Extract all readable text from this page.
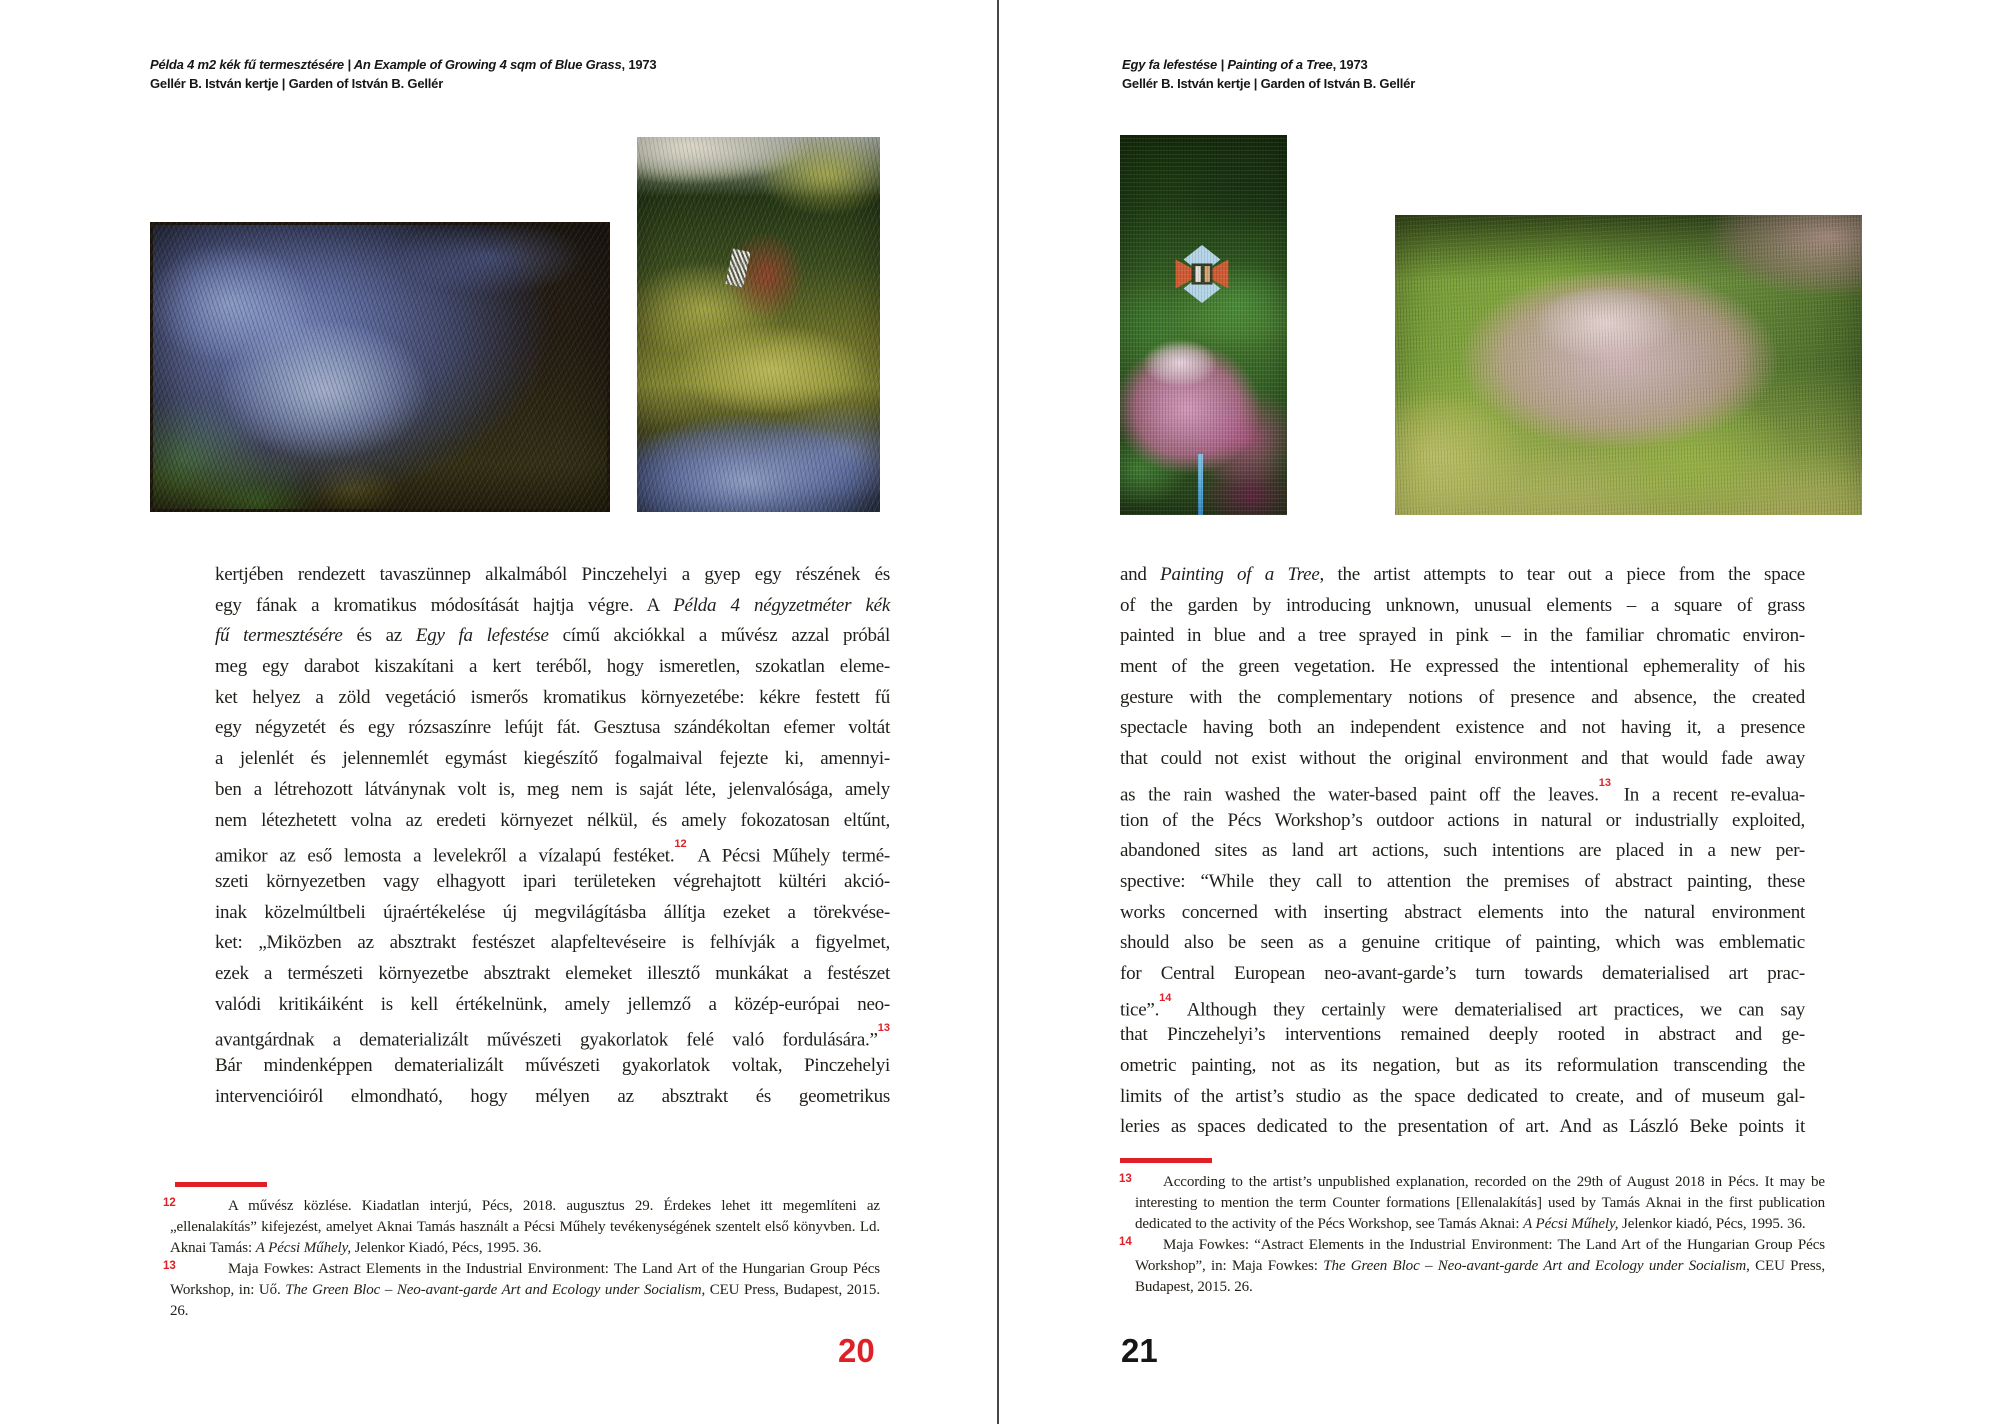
Példa 4 m2 kék fű termesztésére | An Example of Growing 4 sqm of Blue Grass, 1973
Gellér B. István kertje | Garden of István B. Gellér
kertjében rendezett tavaszünnep alkalmából Pinczehelyi a gyep egy részének és
egy fának a kromatikus módosítását hajtja végre. A Példa 4 négyzetméter kék
fű termesztésére és az Egy fa lefestése című akciókkal a művész azzal próbál
meg egy darabot kiszakítani a kert teréből, hogy ismeretlen, szokatlan eleme-
ket helyez a zöld vegetáció ismerős kromatikus környezetébe: kékre festett fű
egy négyzetét és egy rózsaszínre lefújt fát. Gesztusa szándékoltan efemer voltát
a jelenlét és jelennemlét egymást kiegészítő fogalmaival fejezte ki, amennyi-
ben a létrehozott látványnak volt is, meg nem is saját léte, jelenvalósága, amely
nem létezhetett volna az eredeti környezet nélkül, és amely fokozatosan eltűnt,
amikor az eső lemosta a levelekről a vízalapú festéket.$^{12}$ A Pécsi Műhely termé-
szeti környezetben vagy elhagyott ipari területeken végrehajtott kültéri akció-
inak közelmúltbeli újraértékelése új megvilágításba állítja ezeket a törekvése-
ket: „Miközben az absztrakt festészet alapfeltevéseire is felhívják a figyelmet,
ezek a természeti környezetbe absztrakt elemeket illesztő munkákat a festészet
valódi kritikáiként is kell értékelnünk, amely jellemző a közép-európai neo-
avantgárdnak a dematerializált művészeti gyakorlatok felé való fordulására.”$^{13}$
Bár mindenképpen dematerializált művészeti gyakorlatok voltak, Pinczehelyi
intervencióiról elmondható, hogy mélyen az absztrakt és geometrikus
12	A művész közlése. Kiadatlan interjú, Pécs, 2018. augusztus 29. Érdekes lehet itt megemlíteni az „ellenalakítás” kifejezést, amelyet Aknai Tamás használt a Pécsi Műhely tevékenységének szentelt első könyvben. Ld. Aknai Tamás: A Pécsi Műhely, Jelenkor Kiadó, Pécs, 1995. 36.
13	Maja Fowkes: Astract Elements in the Industrial Environment: The Land Art of the Hungarian Group Pécs Workshop, in: Uő. The Green Bloc – Neo-avant-garde Art and Ecology under Socialism, CEU Press, Budapest, 2015. 26.
20
Egy fa lefestése | Painting of a Tree, 1973
Gellér B. István kertje | Garden of István B. Gellér
and Painting of a Tree, the artist attempts to tear out a piece from the space
of the garden by introducing unknown, unusual elements – a square of grass
painted in blue and a tree sprayed in pink – in the familiar chromatic environ-
ment of the green vegetation. He expressed the intentional ephemerality of his
gesture with the complementary notions of presence and absence, the created
spectacle having both an independent existence and not having it, a presence
that could not exist without the original environment and that would fade away
as the rain washed the water-based paint off the leaves.$^{13}$ In a recent re-evalua-
tion of the Pécs Workshop’s outdoor actions in natural or industrially exploited,
abandoned sites as land art actions, such intentions are placed in a new per-
spective: “While they call to attention the premises of abstract painting, these
works concerned with inserting abstract elements into the natural environment
should also be seen as a genuine critique of painting, which was emblematic
for Central European neo-avant-garde’s turn towards dematerialised art prac-
tice”.$^{14}$ Although they certainly were dematerialised art practices, we can say
that Pinczehelyi’s interventions remained deeply rooted in abstract and ge-
ometric painting, not as its negation, but as its reformulation transcending the
limits of the artist’s studio as the space dedicated to create, and of museum gal-
leries as spaces dedicated to the presentation of art. And as László Beke points it
13	According to the artist’s unpublished explanation, recorded on the 29th of August 2018 in Pécs. It may be interesting to mention the term Counter formations [Ellenalakítás] used by Tamás Aknai in the first publication dedicated to the activity of the Pécs Workshop, see Tamás Aknai: A Pécsi Műhely, Jelenkor kiadó, Pécs, 1995. 36.
14	Maja Fowkes: “Astract Elements in the Industrial Environment: The Land Art of the Hungarian Group Pécs Workshop”, in: Maja Fowkes: The Green Bloc – Neo-avant-garde Art and Ecology under Socialism, CEU Press, Budapest, 2015. 26.
21
